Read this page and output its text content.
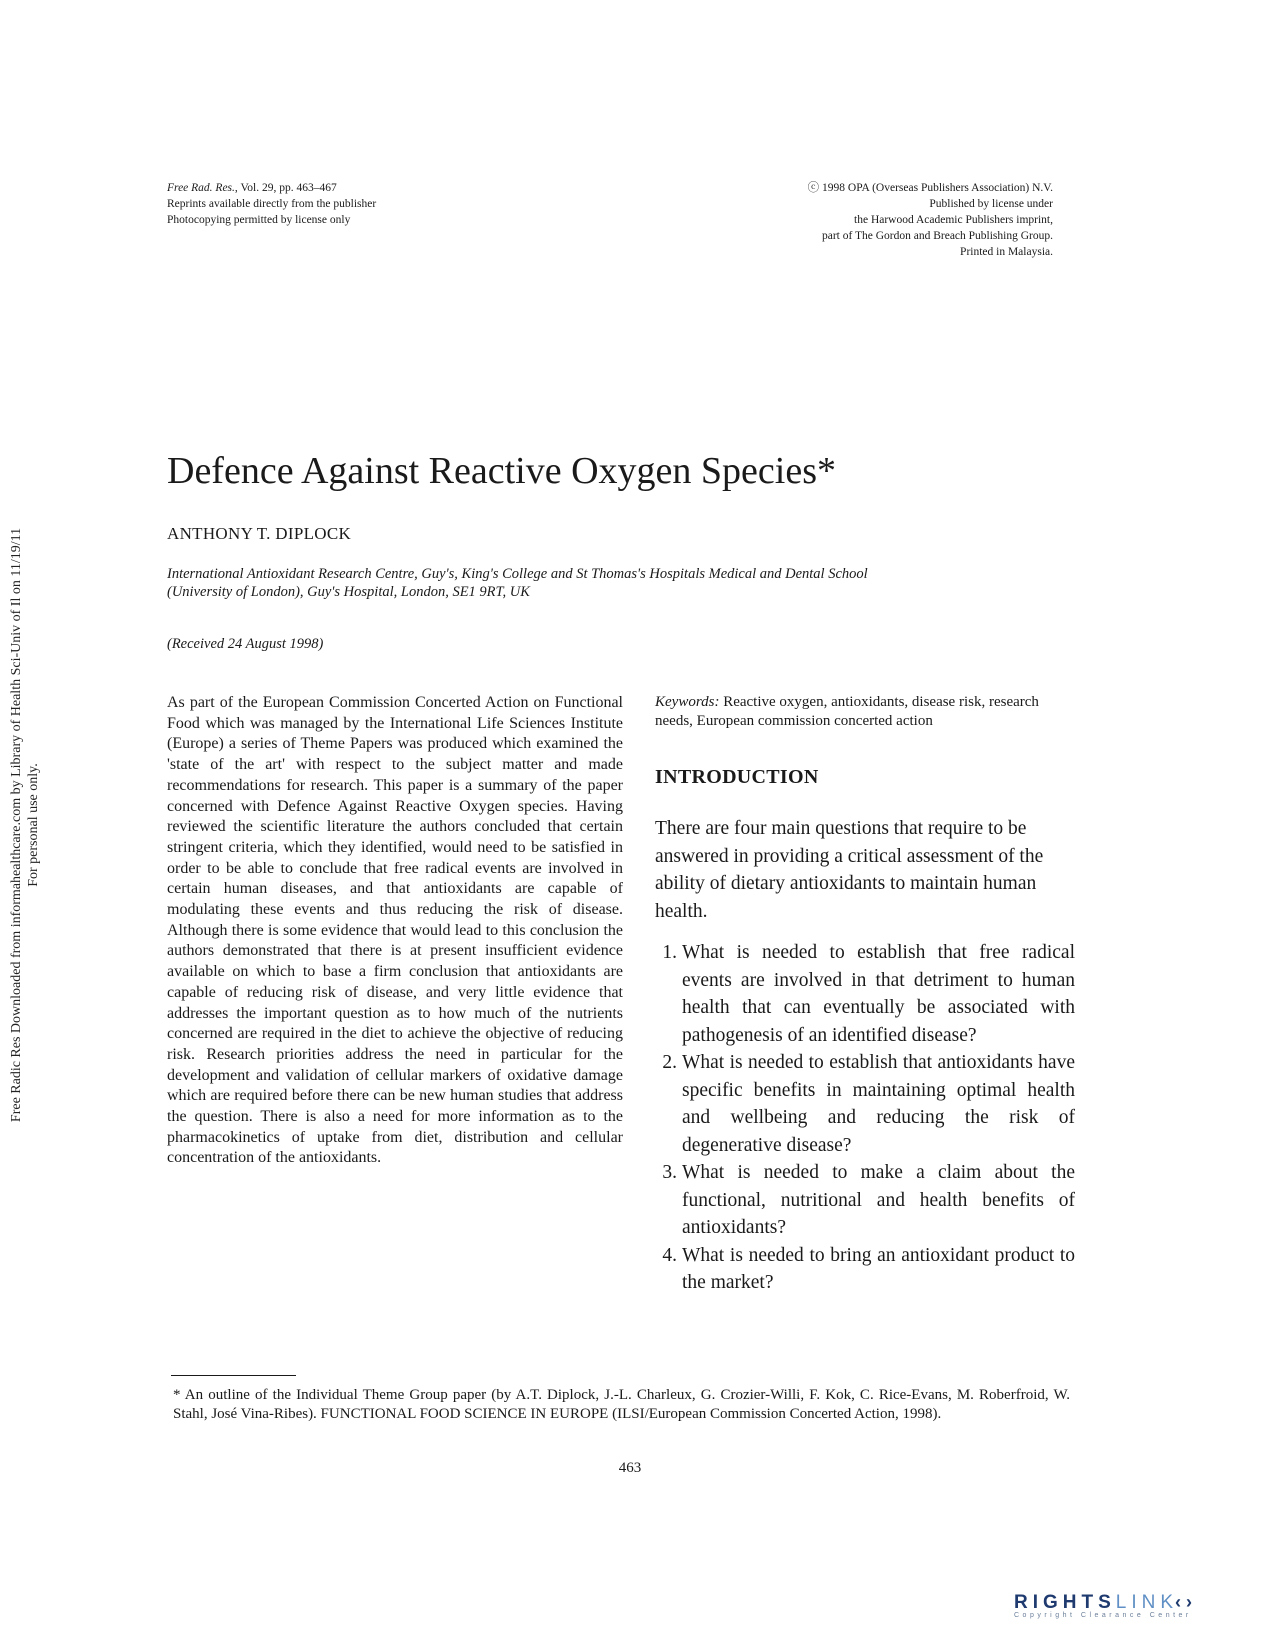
Free Rad. Res., Vol. 29, pp. 463–467
Reprints available directly from the publisher
Photocopying permitted by license only
ⓒ 1998 OPA (Overseas Publishers Association) N.V.
Published by license under
the Harwood Academic Publishers imprint,
part of The Gordon and Breach Publishing Group.
Printed in Malaysia.
Free Radic Res Downloaded from informahealthcare.com by Library of Health Sci-Univ of Il on 11/19/11 For personal use only.
Defence Against Reactive Oxygen Species*
ANTHONY T. DIPLOCK
International Antioxidant Research Centre, Guy's, King's College and St Thomas's Hospitals Medical and Dental School
(University of London), Guy's Hospital, London, SE1 9RT, UK
(Received 24 August 1998)
As part of the European Commission Concerted Action on Functional Food which was managed by the International Life Sciences Institute (Europe) a series of Theme Papers was produced which examined the 'state of the art' with respect to the subject matter and made recommendations for research. This paper is a summary of the paper concerned with Defence Against Reactive Oxygen species. Having reviewed the scientific literature the authors concluded that certain stringent criteria, which they identified, would need to be satisfied in order to be able to conclude that free radical events are involved in certain human diseases, and that antioxidants are capable of modulating these events and thus reducing the risk of disease. Although there is some evidence that would lead to this conclusion the authors demonstrated that there is at present insufficient evidence available on which to base a firm conclusion that antioxidants are capable of reducing risk of disease, and very little evidence that addresses the important question as to how much of the nutrients concerned are required in the diet to achieve the objective of reducing risk. Research priorities address the need in particular for the development and validation of cellular markers of oxidative damage which are required before there can be new human studies that address the question. There is also a need for more information as to the pharmacokinetics of uptake from diet, distribution and cellular concentration of the antioxidants.
Keywords: Reactive oxygen, antioxidants, disease risk, research needs, European commission concerted action
INTRODUCTION
There are four main questions that require to be answered in providing a critical assessment of the ability of dietary antioxidants to maintain human health.
1. What is needed to establish that free radical events are involved in that detriment to human health that can eventually be associated with pathogenesis of an identified disease?
2. What is needed to establish that antioxidants have specific benefits in maintaining optimal health and wellbeing and reducing the risk of degenerative disease?
3. What is needed to make a claim about the functional, nutritional and health benefits of antioxidants?
4. What is needed to bring an antioxidant product to the market?
* An outline of the Individual Theme Group paper (by A.T. Diplock, J.-L. Charleux, G. Crozier-Willi, F. Kok, C. Rice-Evans, M. Roberfroid, W. Stahl, José Vina-Ribes). FUNCTIONAL FOOD SCIENCE IN EUROPE (ILSI/European Commission Concerted Action, 1998).
463
RIGHTSLINK‹›
Copyright Clearance Center
